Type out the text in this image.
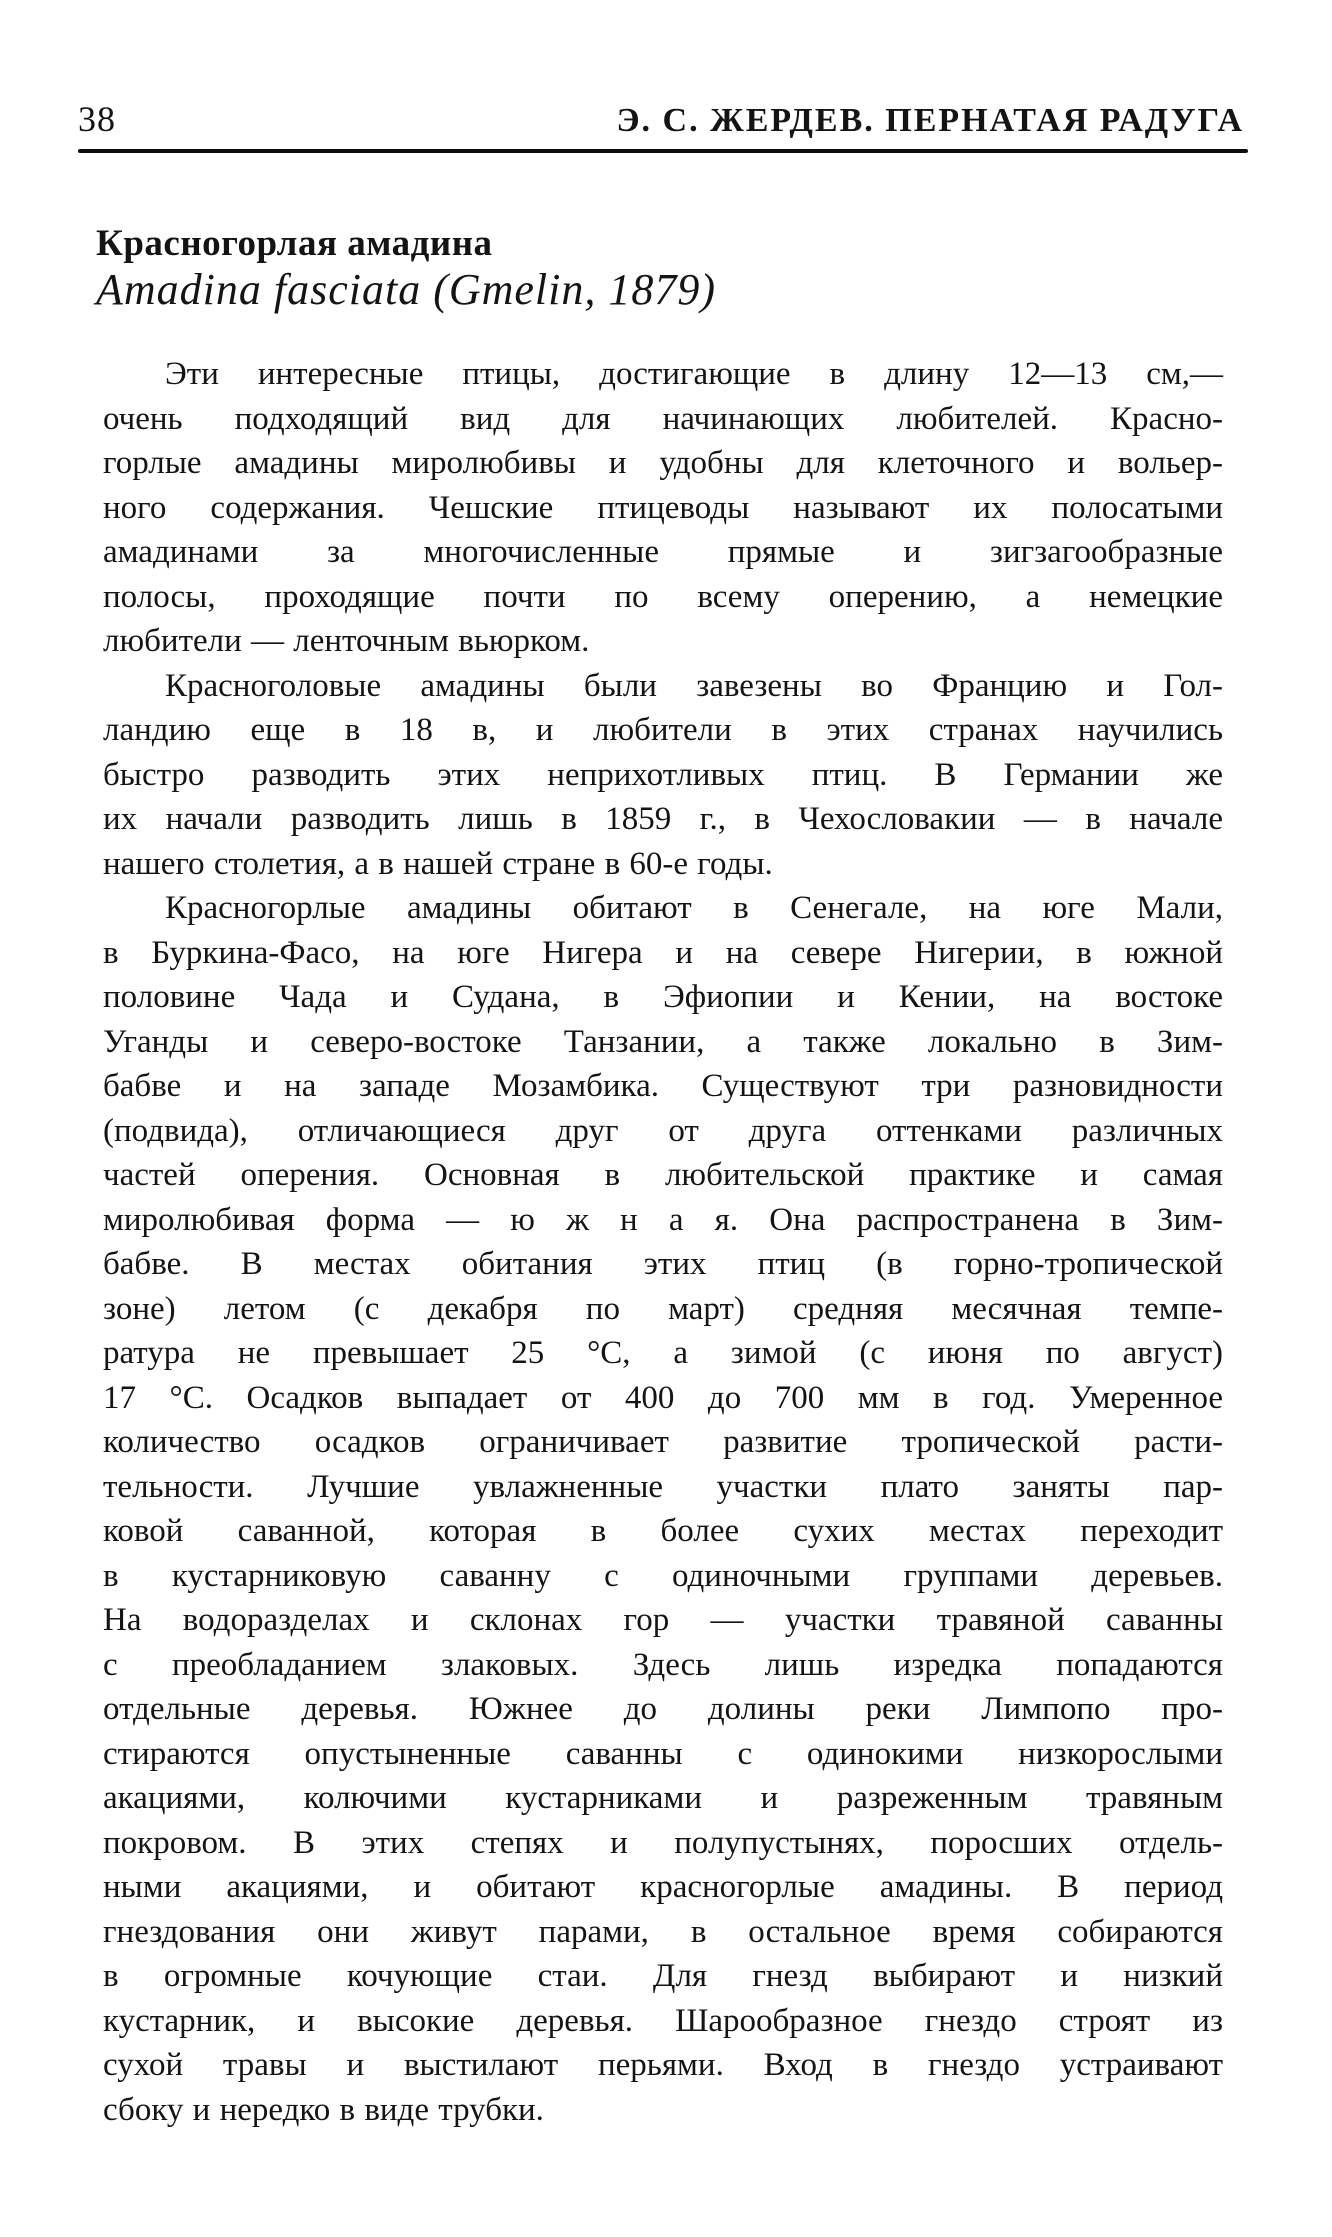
38	Э. С. ЖЕРДЕВ. ПЕРНАТАЯ РАДУГА
Красногорлая амадина
Amadina fasciata (Gmelin, 1879)
Эти интересные птицы, достигающие в длину 12—13 см,—
очень подходящий вид для начинающих любителей. Красно-
горлые амадины миролюбивы и удобны для клеточного и вольер-
ного содержания. Чешские птицеводы называют их полосатыми
амадинами за многочисленные прямые и зигзагообразные
полосы, проходящие почти по всему оперению, а немецкие
любители — ленточным вьюрком.
Красноголовые амадины были завезены во Францию и Гол-
ландию еще в 18 в, и любители в этих странах научились
быстро разводить этих неприхотливых птиц. В Германии же
их начали разводить лишь в 1859 г., в Чехословакии — в начале
нашего столетия, а в нашей стране в 60-е годы.
Красногорлые амадины обитают в Сенегале, на юге Мали,
в Буркина-Фасо, на юге Нигера и на севере Нигерии, в южной
половине Чада и Судана, в Эфиопии и Кении, на востоке
Уганды и северо-востоке Танзании, а также локально в Зим-
бабве и на западе Мозамбика. Существуют три разновидности
(подвида), отличающиеся друг от друга оттенками различных
частей оперения. Основная в любительской практике и самая
миролюбивая форма — ю ж н а я. Она распространена в Зим-
бабве. В местах обитания этих птиц (в горно-тропической
зоне) летом (с декабря по март) средняя месячная темпе-
ратура не превышает 25 °С, а зимой (с июня по август)
17 °С. Осадков выпадает от 400 до 700 мм в год. Умеренное
количество осадков ограничивает развитие тропической расти-
тельности. Лучшие увлажненные участки плато заняты пар-
ковой саванной, которая в более сухих местах переходит
в кустарниковую саванну с одиночными группами деревьев.
На водоразделах и склонах гор — участки травяной саванны
с преобладанием злаковых. Здесь лишь изредка попадаются
отдельные деревья. Южнее до долины реки Лимпопо про-
стираются опустыненные саванны с одинокими низкорослыми
акациями, колючими кустарниками и разреженным травяным
покровом. В этих степях и полупустынях, поросших отдель-
ными акациями, и обитают красногорлые амадины. В период
гнездования они живут парами, в остальное время собираются
в огромные кочующие стаи. Для гнезд выбирают и низкий
кустарник, и высокие деревья. Шарообразное гнездо строят из
сухой травы и выстилают перьями. Вход в гнездо устраивают
сбоку и нередко в виде трубки.
